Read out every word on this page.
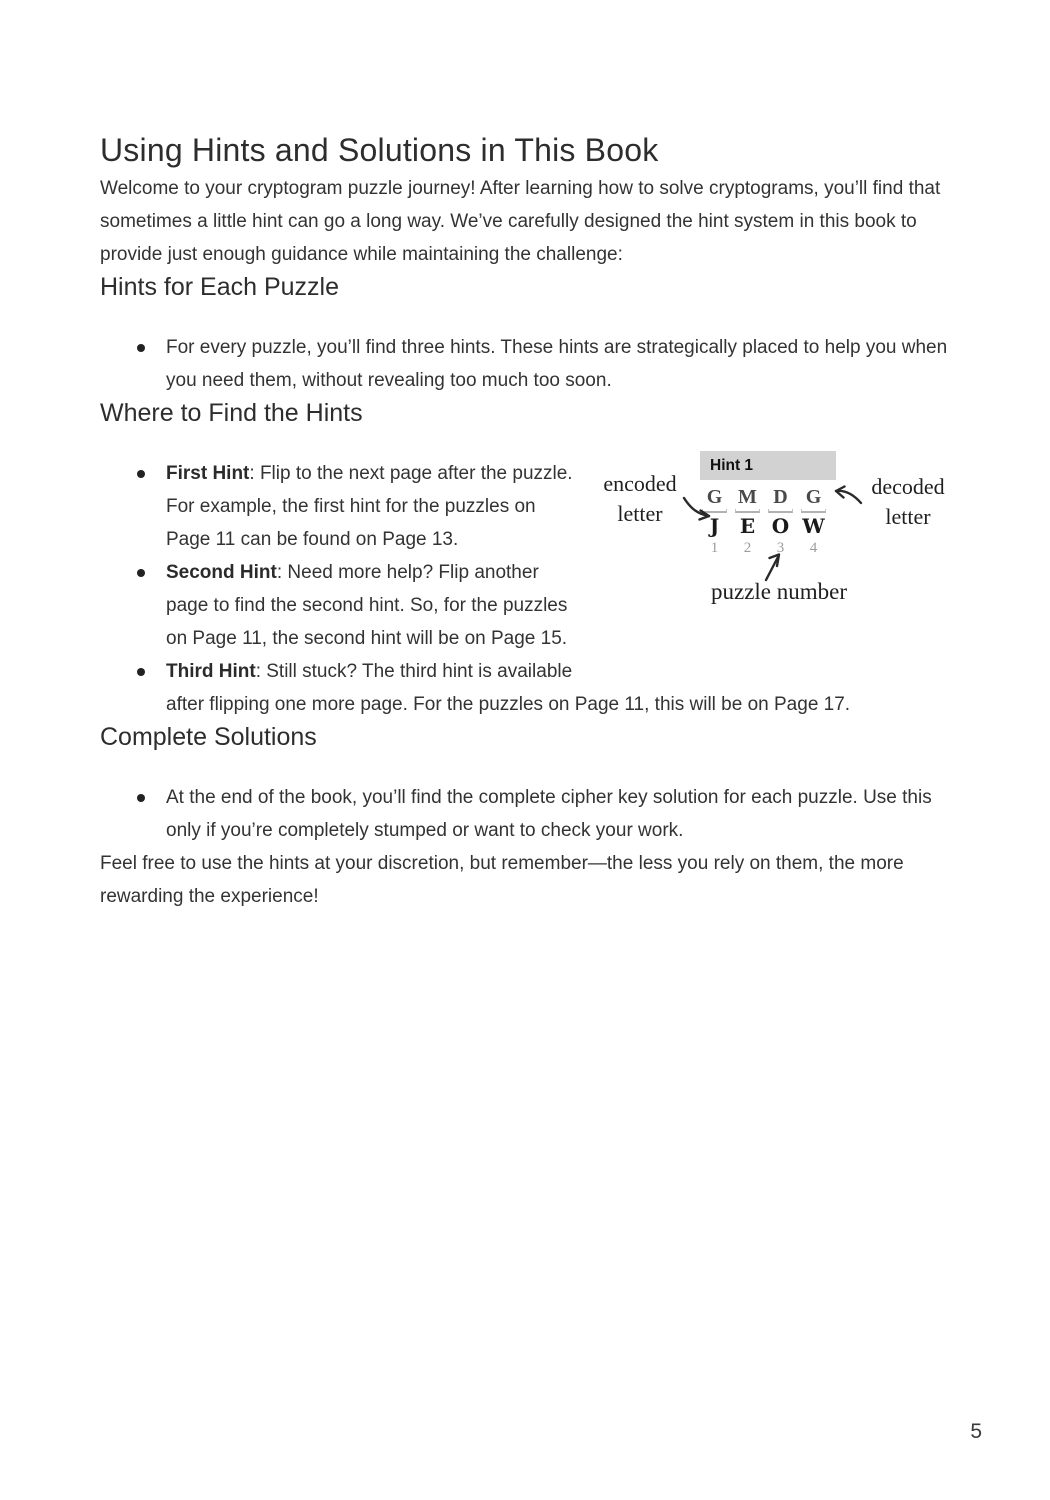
Using Hints and Solutions in This Book

Welcome to your cryptogram puzzle journey! After learning how to solve cryptograms, you’ll find that sometimes a little hint can go a long way. We’ve carefully designed the hint system in this book to provide just enough guidance while maintaining the challenge:

Hints for Each Puzzle
For every puzzle, you’ll find three hints. These hints are strategically placed to help you when you need them, without revealing too much too soon.
Where to Find the Hints
Hint 1
G
J
1
M
E
2
D
O
3
G
W
4
encoded
letter
decoded
letter
puzzle number
First Hint: Flip to the next page after the puzzle. For example, the first hint for the puzzles on Page 11 can be found on Page 13.
Second Hint: Need more help? Flip another page to find the second hint. So, for the puzzles on Page 11, the second hint will be on Page 15.
Third Hint: Still stuck? The third hint is available after flipping one more page. For the puzzles on Page 11, this will be on Page 17.
Complete Solutions
At the end of the book, you’ll find the complete cipher key solution for each puzzle. Use this only if you’re completely stumped or want to check your work.

Feel free to use the hints at your discretion, but remember—the less you rely on them, the more rewarding the experience!

5
